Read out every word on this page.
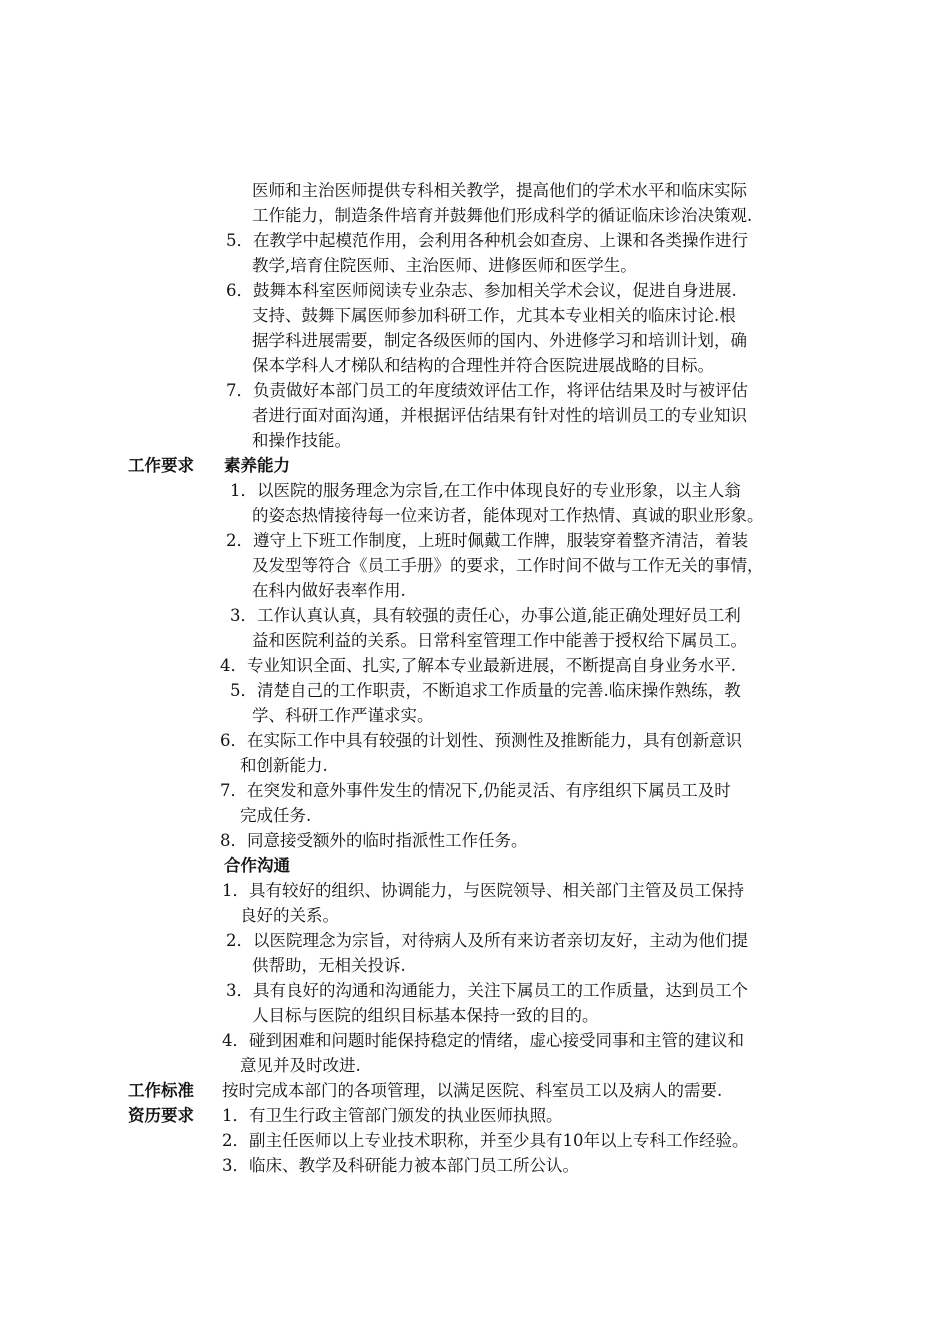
医师和主治医师提供专科相关教学，提高他们的学术水平和临床实际
工作能力，制造条件培育并鼓舞他们形成科学的循证临床诊治决策观.
5．在教学中起模范作用，会利用各种机会如查房、上课和各类操作进行
教学,培育住院医师、主治医师、进修医师和医学生。
6．鼓舞本科室医师阅读专业杂志、参加相关学术会议，促进自身进展.
支持、鼓舞下属医师参加科研工作，尤其本专业相关的临床讨论.根
据学科进展需要，制定各级医师的国内、外进修学习和培训计划，确
保本学科人才梯队和结构的合理性并符合医院进展战略的目标。
7．负责做好本部门员工的年度绩效评估工作，将评估结果及时与被评估
者进行面对面沟通，并根据评估结果有针对性的培训员工的专业知识
和操作技能。
工作要求 素养能力
1．以医院的服务理念为宗旨,在工作中体现良好的专业形象，以主人翁
的姿态热情接待每一位来访者，能体现对工作热情、真诚的职业形象。
2．遵守上下班工作制度，上班时佩戴工作牌，服装穿着整齐清洁，着装
及发型等符合《员工手册》的要求，工作时间不做与工作无关的事情，
在科内做好表率作用.
3．工作认真认真，具有较强的责任心，办事公道,能正确处理好员工利
益和医院利益的关系。日常科室管理工作中能善于授权给下属员工。
4．专业知识全面、扎实,了解本专业最新进展，不断提高自身业务水平.
5．清楚自己的工作职责，不断追求工作质量的完善.临床操作熟练，教
学、科研工作严谨求实。
6．在实际工作中具有较强的计划性、预测性及推断能力，具有创新意识
和创新能力.
7．在突发和意外事件发生的情况下,仍能灵活、有序组织下属员工及时
完成任务.
8．同意接受额外的临时指派性工作任务。
合作沟通
1．具有较好的组织、协调能力，与医院领导、相关部门主管及员工保持
良好的关系。
2．以医院理念为宗旨，对待病人及所有来访者亲切友好，主动为他们提
供帮助，无相关投诉.
3．具有良好的沟通和沟通能力，关注下属员工的工作质量，达到员工个
人目标与医院的组织目标基本保持一致的目的。
4．碰到困难和问题时能保持稳定的情绪，虚心接受同事和主管的建议和
意见并及时改进.
工作标准 按时完成本部门的各项管理，以满足医院、科室员工以及病人的需要.
资历要求 1．有卫生行政主管部门颁发的执业医师执照。
2．副主任医师以上专业技术职称，并至少具有10年以上专科工作经验。
3．临床、教学及科研能力被本部门员工所公认。
